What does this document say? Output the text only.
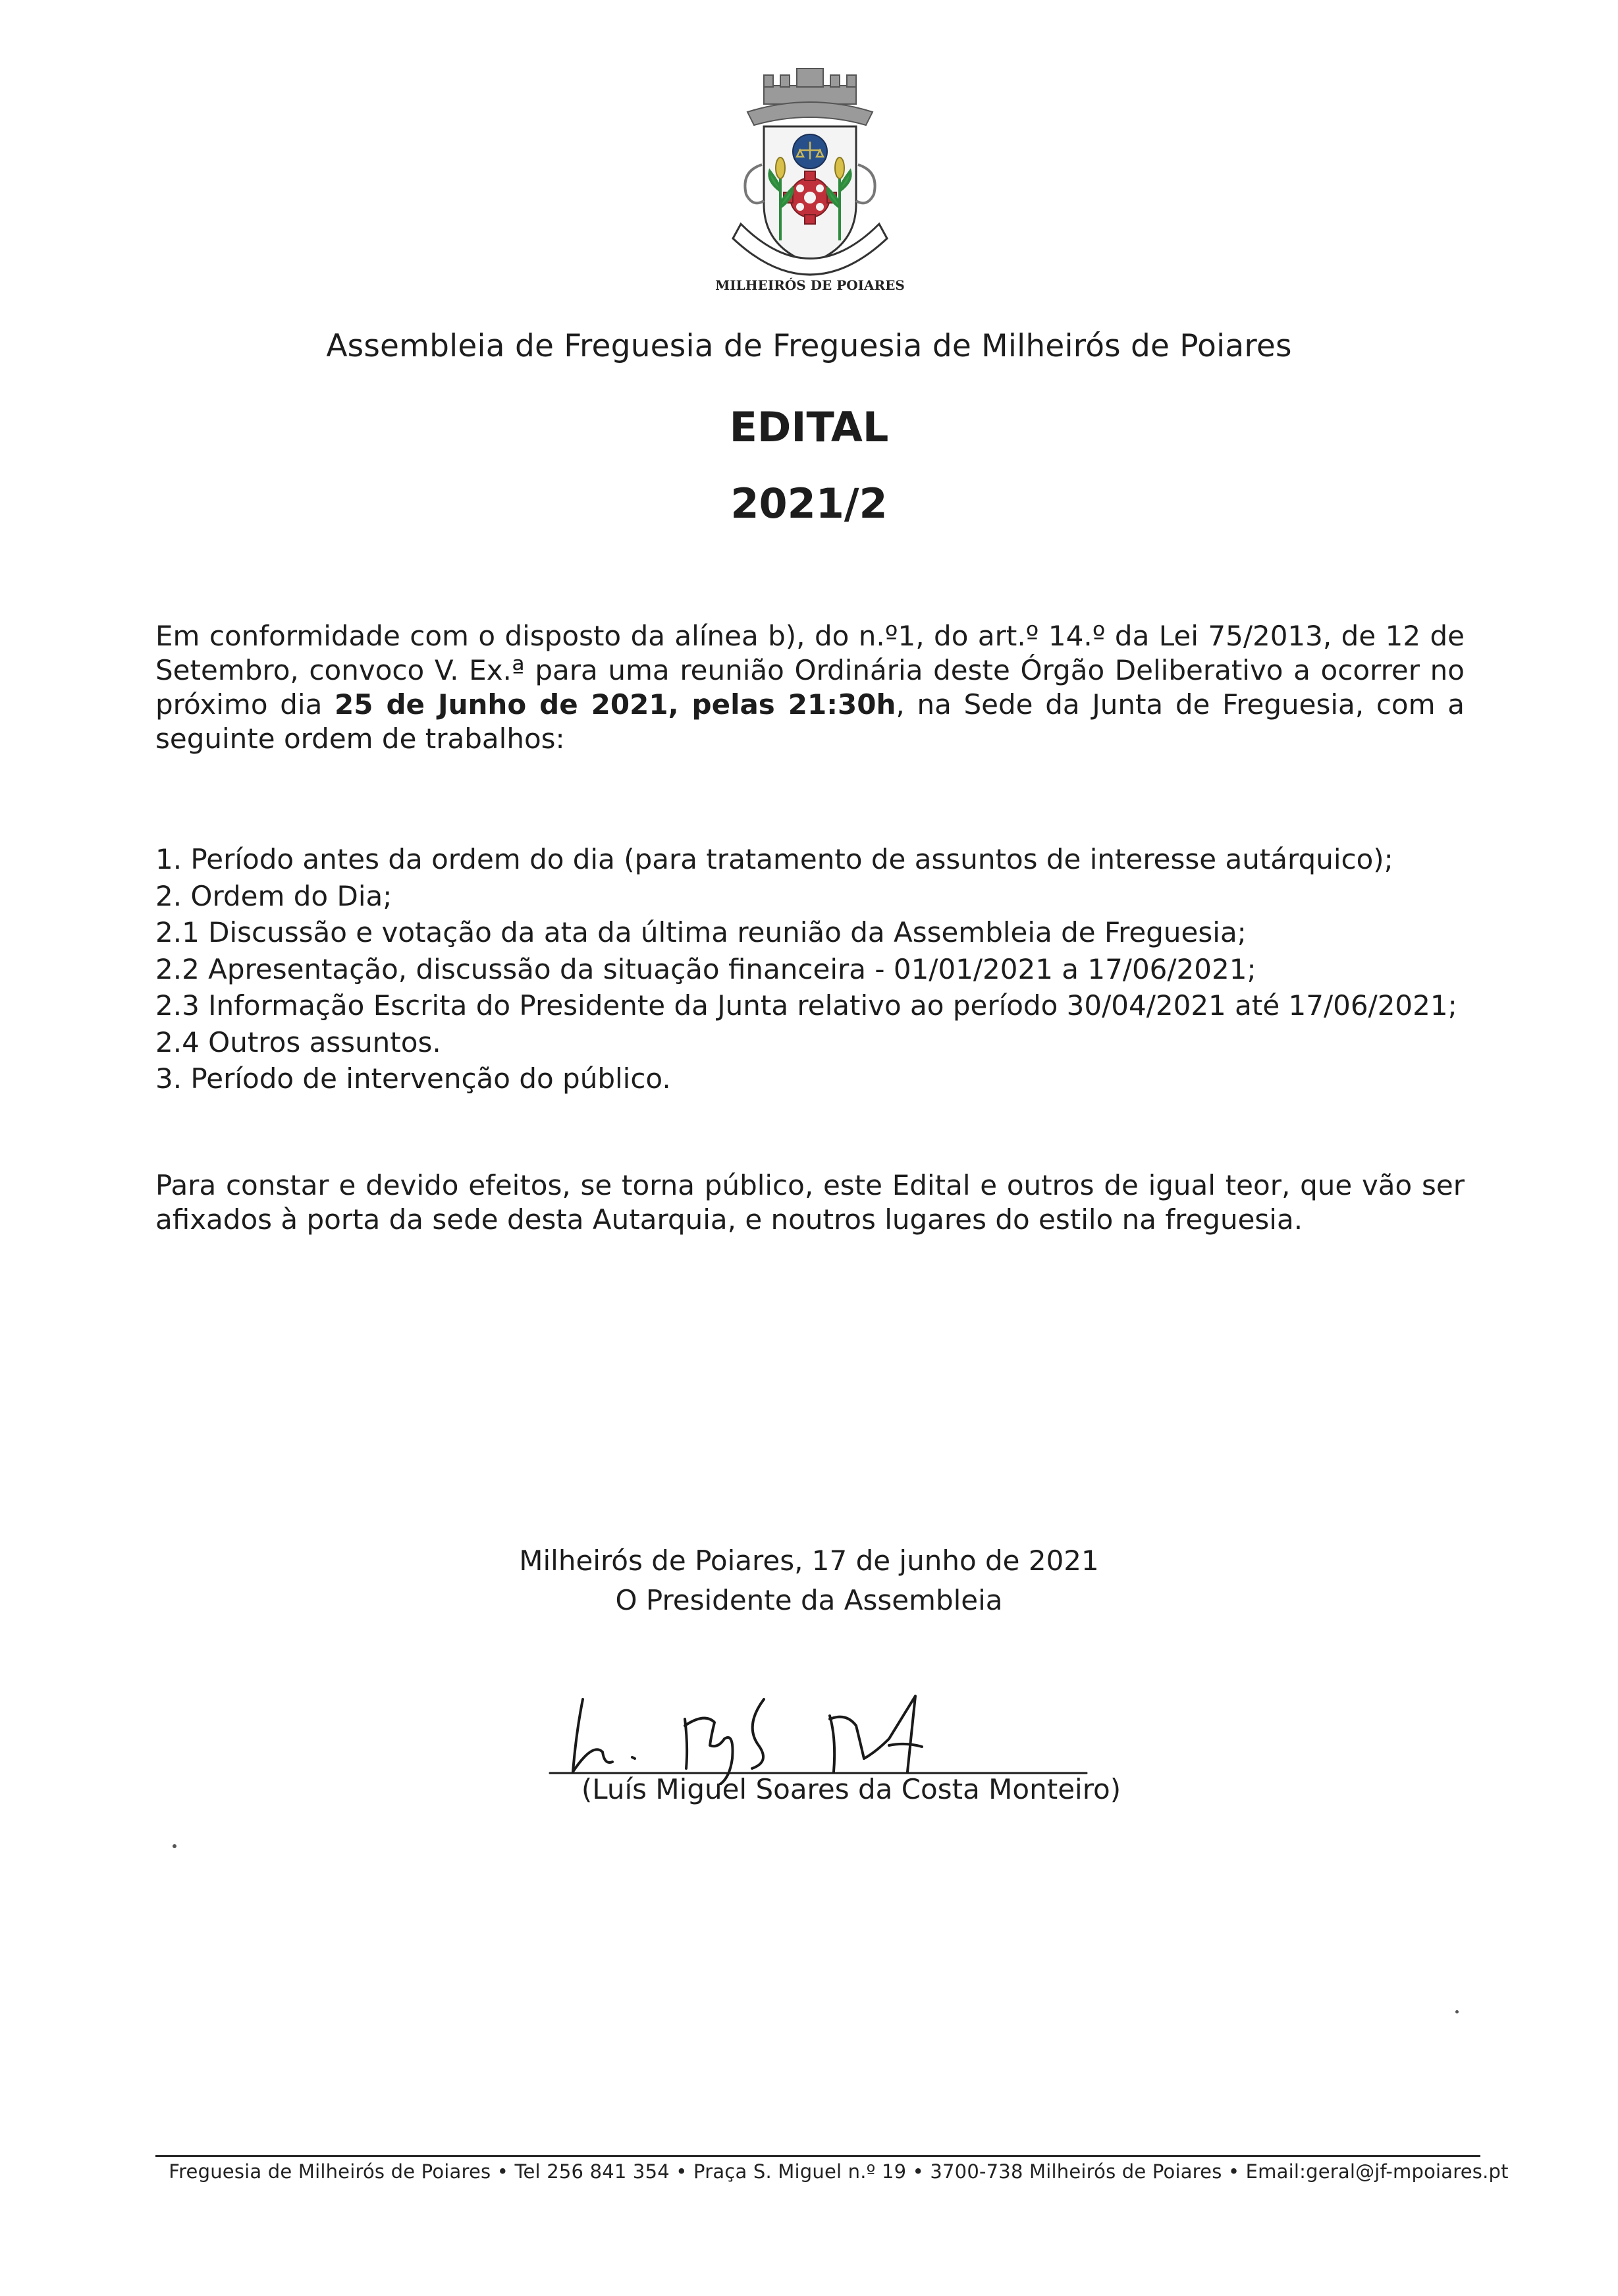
MILHEIRÓS DE POIARES
Assembleia de Freguesia de Freguesia de Milheirós de Poiares
EDITAL
2021/2
Em conformidade com o disposto da alínea b), do n.º1, do art.º 14.º da Lei 75/2013, de 12 de Setembro, convoco V. Ex.ª para uma reunião Ordinária deste Órgão Deliberativo a ocorrer no próximo dia 25 de Junho de 2021, pelas 21:30h, na Sede da Junta de Freguesia, com a seguinte ordem de trabalhos:
1. Período antes da ordem do dia (para tratamento de assuntos de interesse autárquico);
2. Ordem do Dia;
2.1 Discussão e votação da ata da última reunião da Assembleia de Freguesia;
2.2 Apresentação, discussão da situação financeira - 01/01/2021 a 17/06/2021;
2.3 Informação Escrita do Presidente da Junta relativo ao período 30/04/2021 até 17/06/2021;
2.4 Outros assuntos.
3. Período de intervenção do público.
Para constar e devido efeitos, se torna público, este Edital e outros de igual teor, que vão ser afixados à porta da sede desta Autarquia, e noutros lugares do estilo na freguesia.
Milheirós de Poiares, 17 de junho de 2021
O Presidente da Assembleia
(Luís Miguel Soares da Costa Monteiro)
Freguesia de Milheirós de Poiares • Tel 256 841 354 • Praça S. Miguel n.º 19 • 3700-738 Milheirós de Poiares • Email:geral@jf-mpoiares.pt
